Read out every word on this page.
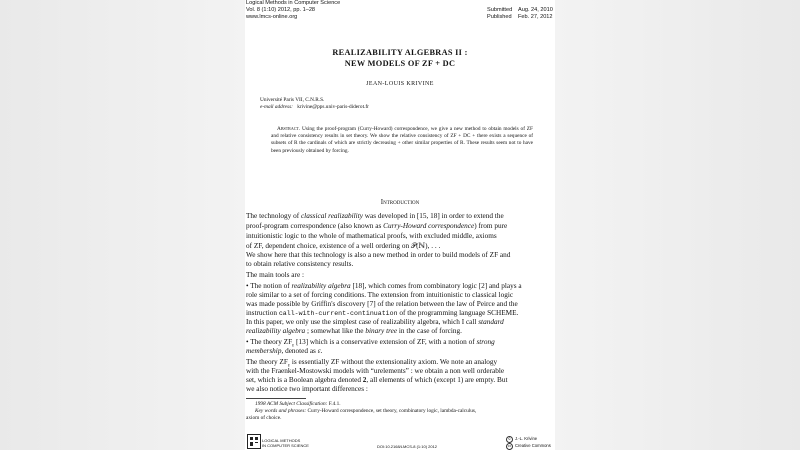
Logical Methods in Computer Science
Vol. 8 (1:10) 2012, pp. 1–28
www.lmcs-online.org
Submitted Aug. 24, 2010
Published Feb. 27, 2012
REALIZABILITY ALGEBRAS II :
NEW MODELS OF ZF + DC
JEAN-LOUIS KRIVINE
Université Paris VII, C.N.R.S.
e-mail address: krivine@pps.univ-paris-diderot.fr
Abstract. Using the proof-program (Curry-Howard) correspondence, we give a new method to obtain models of ZF and relative consistency results in set theory. We show the relative consistency of ZF + DC + there exists a sequence of subsets of R the cardinals of which are strictly decreasing + other similar properties of R. These results seem not to have been previously obtained by forcing.
Introduction
The technology of classical realizability was developed in [15, 18] in order to extend the
proof-program correspondence (also known as Curry-Howard correspondence) from pure
intuitionistic logic to the whole of mathematical proofs, with excluded middle, axioms
of ZF, dependent choice, existence of a well ordering on 𝒫(ℕ), . . .
We show here that this technology is also a new method in order to build models of ZF and
to obtain relative consistency results.
The main tools are :
• The notion of realizability algebra [18], which comes from combinatory logic [2] and plays a
role similar to a set of forcing conditions. The extension from intuitionistic to classical logic
was made possible by Griffin's discovery [7] of the relation between the law of Peirce and the
instruction call-with-current-continuation of the programming language SCHEME.
In this paper, we only use the simplest case of realizability algebra, which I call standard
realizability algebra ; somewhat like the binary tree in the case of forcing.
• The theory $ZF_\varepsilon$ [13] which is a conservative extension of ZF, with a notion of strong
membership, denoted as ε.
The theory $ZF_\varepsilon$ is essentially ZF without the extensionality axiom. We note an analogy
with the Fraenkel-Mostowski models with “urelements” : we obtain a non well orderable
set, which is a Boolean algebra denoted 2, all elements of which (except 1) are empty. But
we also notice two important differences :
1998 ACM Subject Classification: F.4.1.
Key words and phrases: Curry-Howard correspondence, set theory, combinatory logic, lambda-calculus,
axiom of choice.
LOGICAL METHODS
IN COMPUTER SCIENCE	DOI:10.2168/LMCS-8 (1:10) 2012
©
cc
J.-L. Krivine
Creative Commons
